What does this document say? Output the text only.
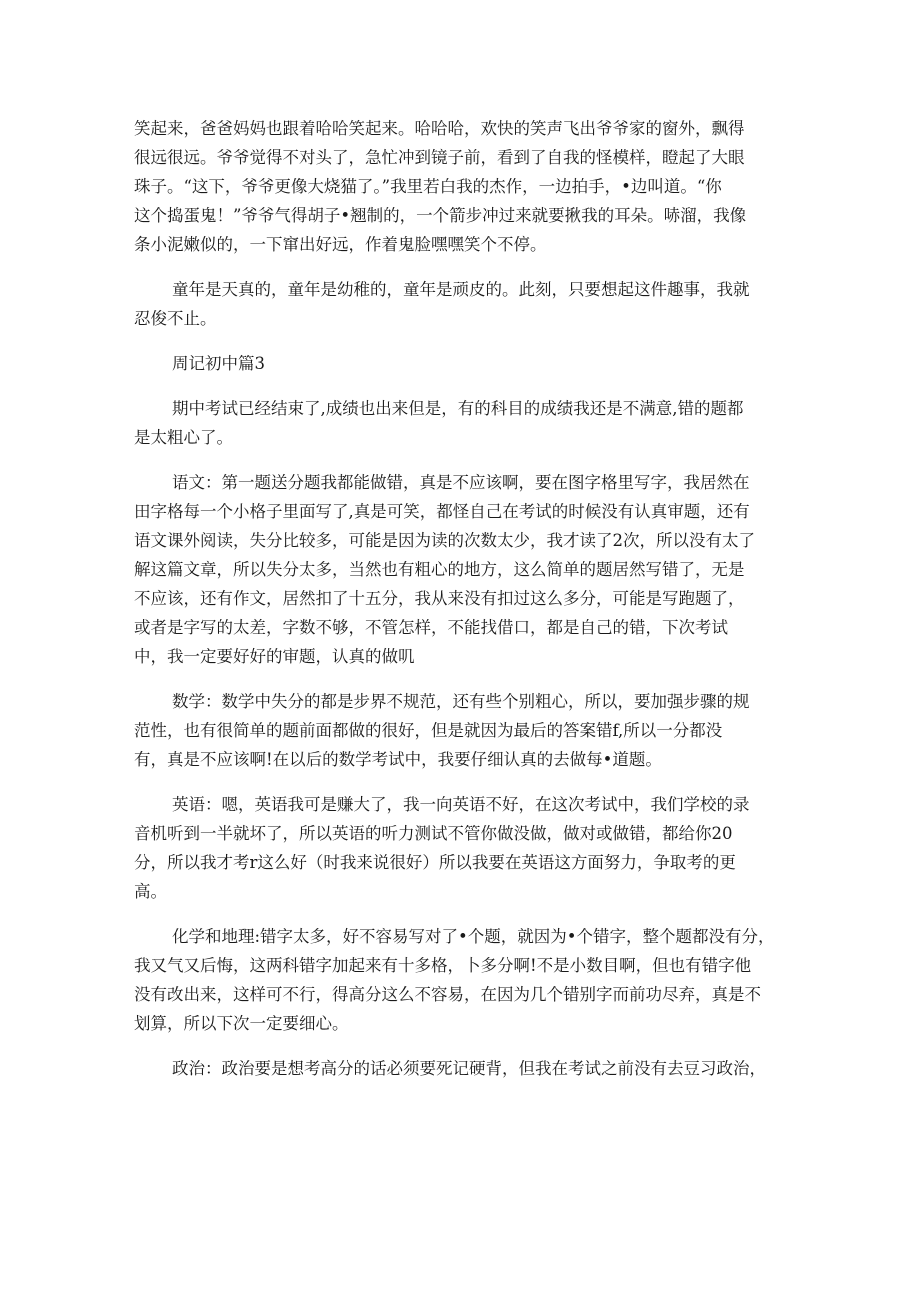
笑起来，爸爸妈妈也跟着哈哈笑起来。哈哈哈，欢快的笑声飞出爷爷家的窗外，飘得
很远很远。爷爷觉得不对头了，急忙冲到镜子前，看到了自我的怪模样，瞪起了大眼
珠子。“这下，爷爷更像大烧猫了。”我里若白我的杰作，一边拍手，•边叫道。“你
这个捣蛋鬼！”爷爷气得胡子•翘制的，一个箭步冲过来就要揪我的耳朵。哧溜，我像
条小泥嫩似的，一下窜出好远，作着鬼脸嘿嘿笑个不停。
童年是天真的，童年是幼稚的，童年是顽皮的。此刻，只要想起这件趣事，我就
忍俊不止。
周记初中篇3
期中考试已经结束了,成绩也出来但是，有的科目的成绩我还是不满意,错的题都
是太粗心了。
语文：第一题送分题我都能做错，真是不应该啊，要在图字格里写字，我居然在
田字格每一个小格子里面写了,真是可笑，都怪自己在考试的时候没有认真审题，还有
语文课外阅读，失分比较多，可能是因为读的次数太少，我才读了2次，所以没有太了
解这篇文章，所以失分太多，当然也有粗心的地方，这么简单的题居然写错了，无是
不应该，还有作文，居然扣了十五分，我从来没有扣过这么多分，可能是写跑题了，
或者是字写的太差，字数不够，不管怎样，不能找借口，都是自己的错，下次考试
中，我一定要好好的审题，认真的做叽
数学：数学中失分的都是步界不规范，还有些个别粗心，所以，要加强步骤的规
范性，也有很简单的题前面都做的很好，但是就因为最后的答案错f,所以一分都没
有，真是不应该啊!在以后的数学考试中，我要仔细认真的去做每•道题。
英语：嗯，英语我可是赚大了，我一向英语不好，在这次考试中，我们学校的录
音机听到一半就坏了，所以英语的听力测试不管你做没做，做对或做错，都给你20
分，所以我才考r这么好（时我来说很好）所以我要在英语这方面努力，争取考的更
高。
化学和地理:错字太多，好不容易写对了•个题，就因为•个错字，整个题都没有分，
我又气又后悔，这两科错字加起来有十多格，卜多分啊!不是小数目啊，但也有错字他
没有改出来，这样可不行，得高分这么不容易，在因为几个错别字而前功尽弃，真是不
划算，所以下次一定要细心。
政治：政治要是想考高分的话必须要死记硬背，但我在考试之前没有去豆习政治，
